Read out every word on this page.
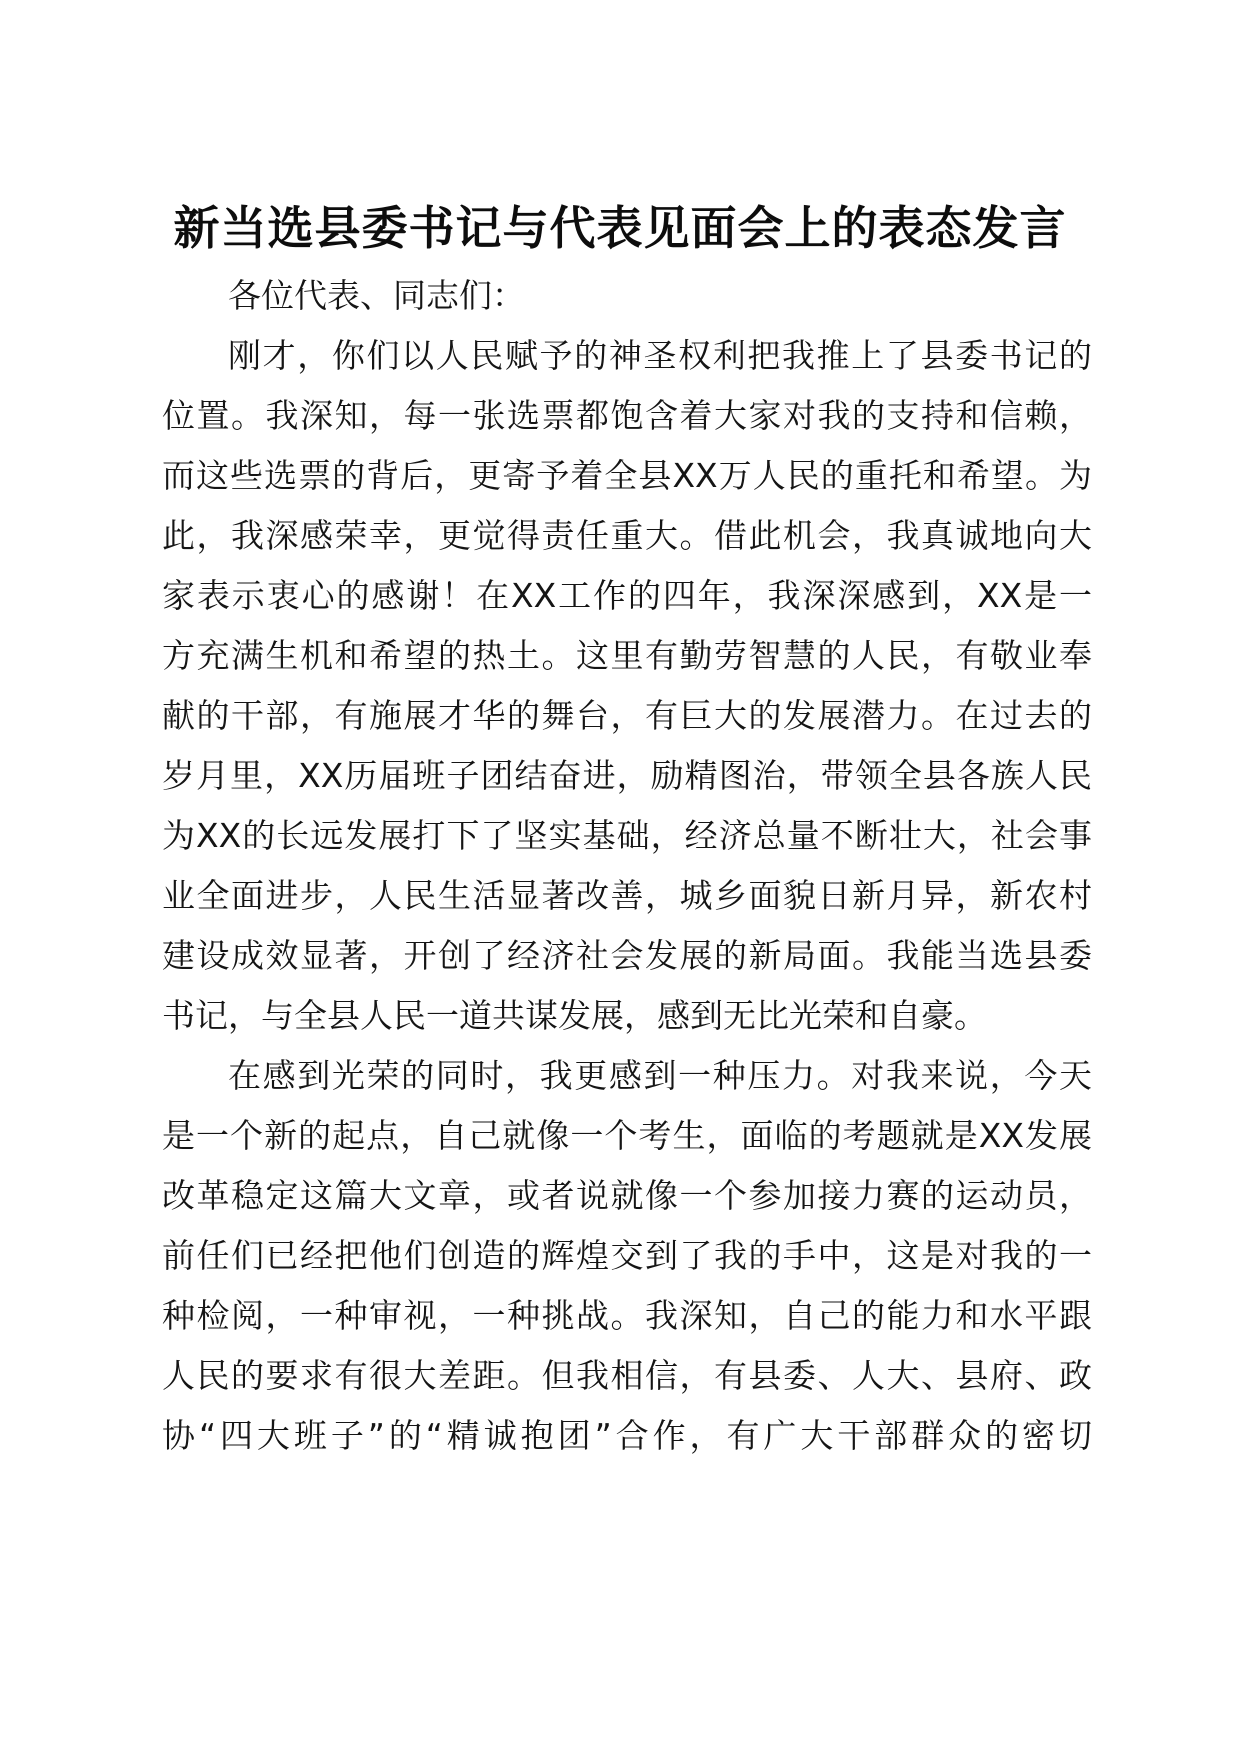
新当选县委书记与代表见面会上的表态发言
各位代表、同志们：
刚才，你们以人民赋予的神圣权利把我推上了县委书记的
位置。我深知，每一张选票都饱含着大家对我的支持和信赖，
而这些选票的背后，更寄予着全县XX万人民的重托和希望。为
此，我深感荣幸，更觉得责任重大。借此机会，我真诚地向大
家表示衷心的感谢！在XX工作的四年，我深深感到，XX是一
方充满生机和希望的热土。这里有勤劳智慧的人民，有敬业奉
献的干部，有施展才华的舞台，有巨大的发展潜力。在过去的
岁月里，XX历届班子团结奋进，励精图治，带领全县各族人民
为XX的长远发展打下了坚实基础，经济总量不断壮大，社会事
业全面进步，人民生活显著改善，城乡面貌日新月异，新农村
建设成效显著，开创了经济社会发展的新局面。我能当选县委
书记，与全县人民一道共谋发展，感到无比光荣和自豪。
在感到光荣的同时，我更感到一种压力。对我来说，今天
是一个新的起点，自己就像一个考生，面临的考题就是XX发展
改革稳定这篇大文章，或者说就像一个参加接力赛的运动员，
前任们已经把他们创造的辉煌交到了我的手中，这是对我的一
种检阅，一种审视，一种挑战。我深知，自己的能力和水平跟
人民的要求有很大差距。但我相信，有县委、人大、县府、政
协“四大班子”的“精诚抱团”合作，有广大干部群众的密切
